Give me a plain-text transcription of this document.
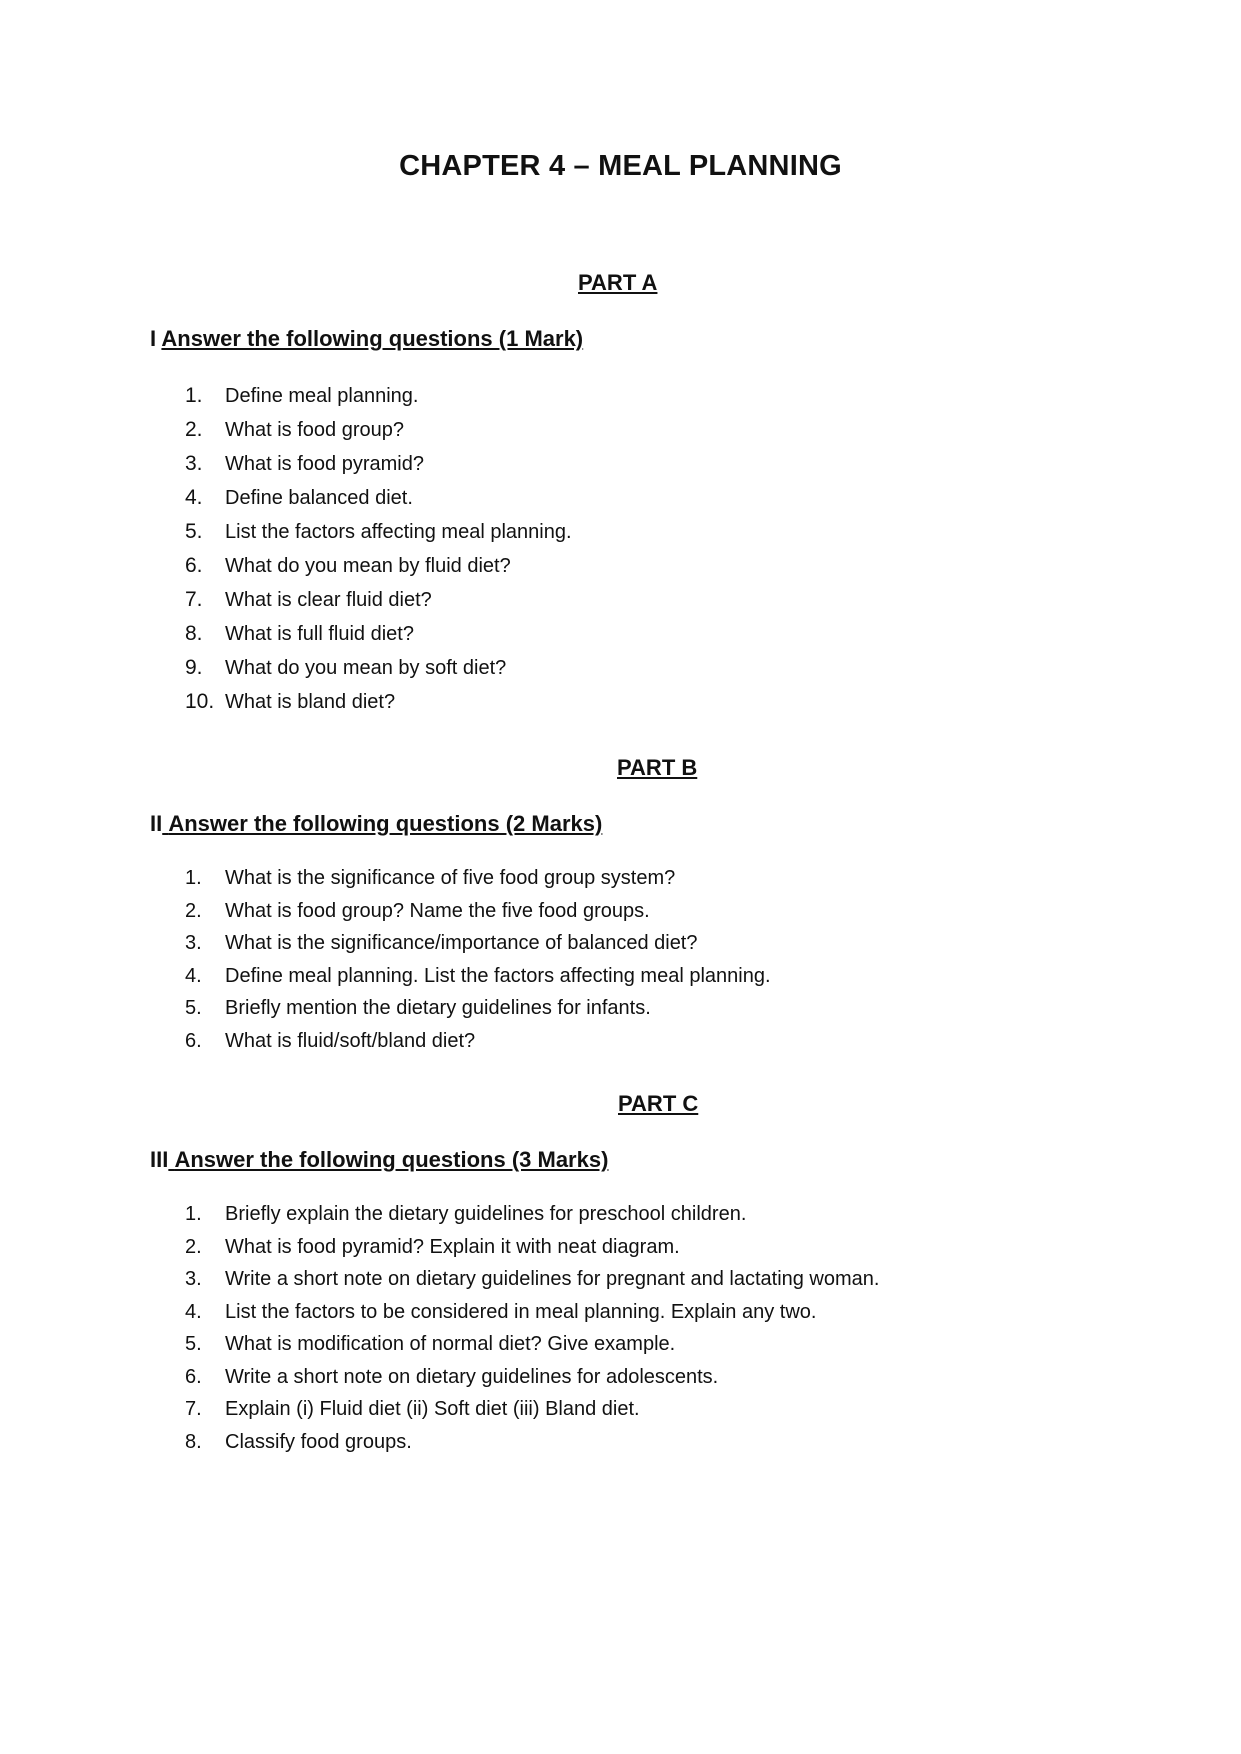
CHAPTER 4 – MEAL PLANNING
PART A
I Answer the following questions (1 Mark)
1.	Define meal planning.
2.	What is food group?
3.	What is food pyramid?
4.	Define balanced diet.
5.	List the factors affecting meal planning.
6.	What do you mean by fluid diet?
7.	What is clear fluid diet?
8.	What is full fluid diet?
9.	What do you mean by soft diet?
10. What is bland diet?
PART B
II Answer the following questions (2 Marks)
1.	What is the significance of five food group system?
2.	What is food group? Name the five food groups.
3.	What is the significance/importance of balanced diet?
4.	Define meal planning. List the factors affecting meal planning.
5.	Briefly mention the dietary guidelines for infants.
6.	What is fluid/soft/bland diet?
PART C
III Answer the following questions (3 Marks)
1.	Briefly explain the dietary guidelines for preschool children.
2.	What is food pyramid? Explain it with neat diagram.
3.	Write a short note on dietary guidelines for pregnant and lactating woman.
4.	List the factors to be considered in meal planning. Explain any two.
5.	What is modification of normal diet? Give example.
6.	Write a short note on dietary guidelines for adolescents.
7.	Explain (i) Fluid diet (ii) Soft diet (iii) Bland diet.
8.	Classify food groups.
